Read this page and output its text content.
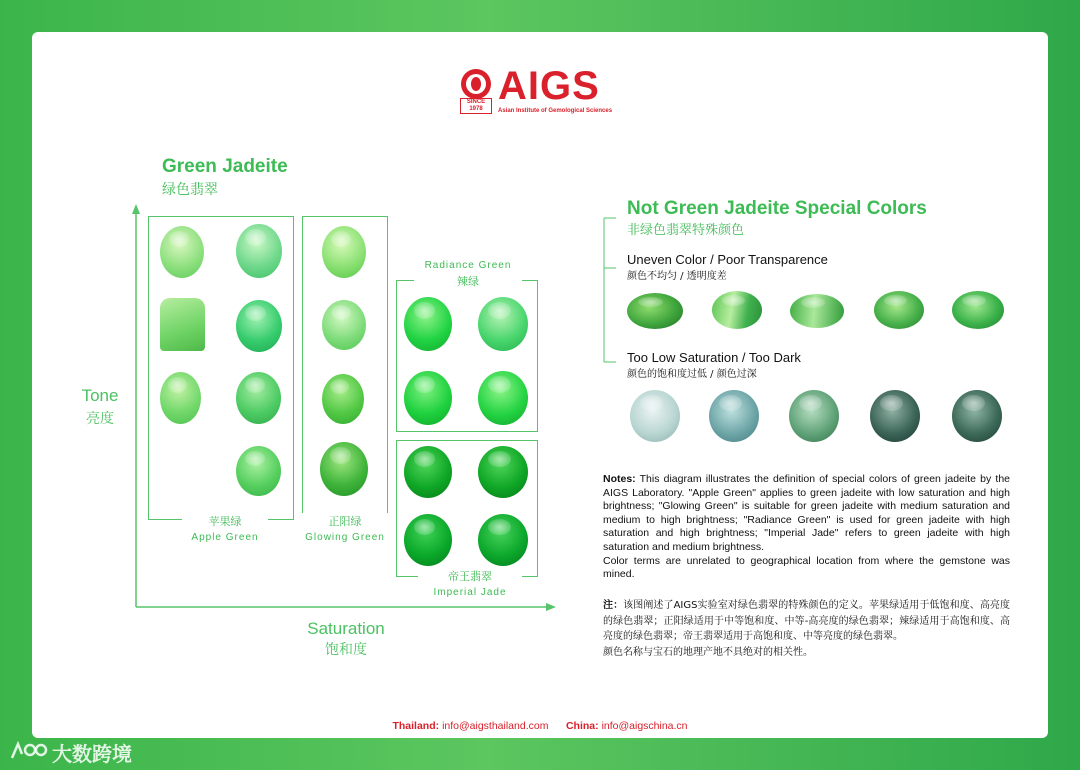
SINCE 1978
AIGS
Asian Institute of Gemological Sciences
Green Jadeite
绿色翡翠
Tone
亮度
Saturation
饱和度
苹果绿
Apple Green
正阳绿
Glowing Green
Radiance Green
辣绿
帝王翡翠
Imperial Jade
Not Green Jadeite Special Colors
非绿色翡翠特殊颜色
Uneven Color / Poor Transparence
颜色不均匀 / 透明度差
Too Low Saturation / Too Dark
颜色的饱和度过低 / 颜色过深
Notes: This diagram illustrates the definition of special colors of green jadeite by the AIGS Laboratory. "Apple Green" applies to green jadeite with low saturation and high brightness; "Glowing Green" is suitable for green jadeite with medium saturation and medium to high brightness; "Radiance Green" is used for green jadeite with high saturation and high brightness; "Imperial Jade" refers to green jadeite with high saturation and medium brightness.
Color terms are unrelated to geographical location from where the gemstone was mined.
注：该图阐述了AIGS实验室对绿色翡翠的特殊颜色的定义。苹果绿适用于低饱和度、高亮度的绿色翡翠；正阳绿适用于中等饱和度、中等-高亮度的绿色翡翠；辣绿适用于高饱和度、高亮度的绿色翡翠；帝王翡翠适用于高饱和度、中等亮度的绿色翡翠。
颜色名称与宝石的地理产地不具绝对的相关性。
Thailand: info@aigsthailand.com China: info@aigschina.cn
大数跨境
